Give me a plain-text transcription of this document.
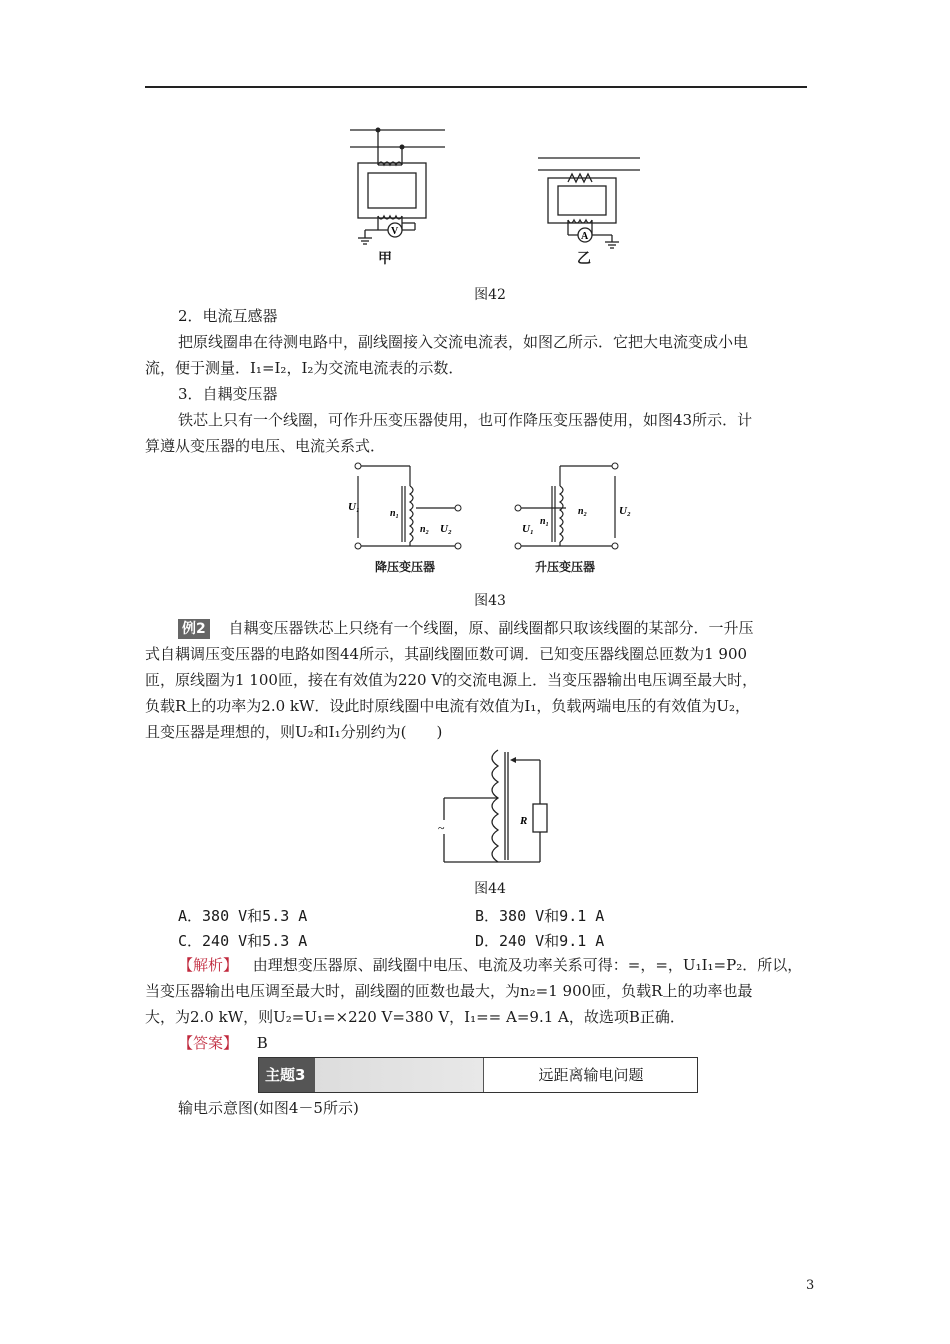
V	A
甲	乙
图42
2．电流互感器
把原线圈串在待测电路中，副线圈接入交流电流表，如图乙所示．它把大电流变成小电
流，便于测量．I₁=I₂，I₂为交流电流表的示数．
3．自耦变压器
铁芯上只有一个线圈，可作升压变压器使用，也可作降压变压器使用，如图43所示．计
算遵从变压器的电压、电流关系式．
U₁
n₁
n₂ U₂	U₁
n₁
n₂	U₂
降压变压器	升压变压器
图43
例2 自耦变压器铁芯上只绕有一个线圈，原、副线圈都只取该线圈的某部分．一升压
式自耦调压变压器的电路如图44所示，其副线圈匝数可调．已知变压器线圈总匝数为1 900
匝，原线圈为1 100匝，接在有效值为220 V的交流电源上．当变压器输出电压调至最大时，
负载R上的功率为2.0 kW．设此时原线圈中电流有效值为I₁，负载两端电压的有效值为U₂，
且变压器是理想的，则U₂和I₁分别约为(　　)
~	R
图44
A．380 V和5.3 A	B．380 V和9.1 A
C．240 V和5.3 A	D．240 V和9.1 A
【解析】 由理想变压器原、副线圈中电压、电流及功率关系可得：=，=，U₁I₁=P₂．所以，
当变压器输出电压调至最大时，副线圈的匝数也最大，为n₂=1 900匝，负载R上的功率也最
大，为2.0 kW，则U₂=U₁=×220 V=380 V，I₁== A=9.1 A，故选项B正确．
【答案】 B
主题3	远距离输电问题
输电示意图(如图4－5所示)
3
